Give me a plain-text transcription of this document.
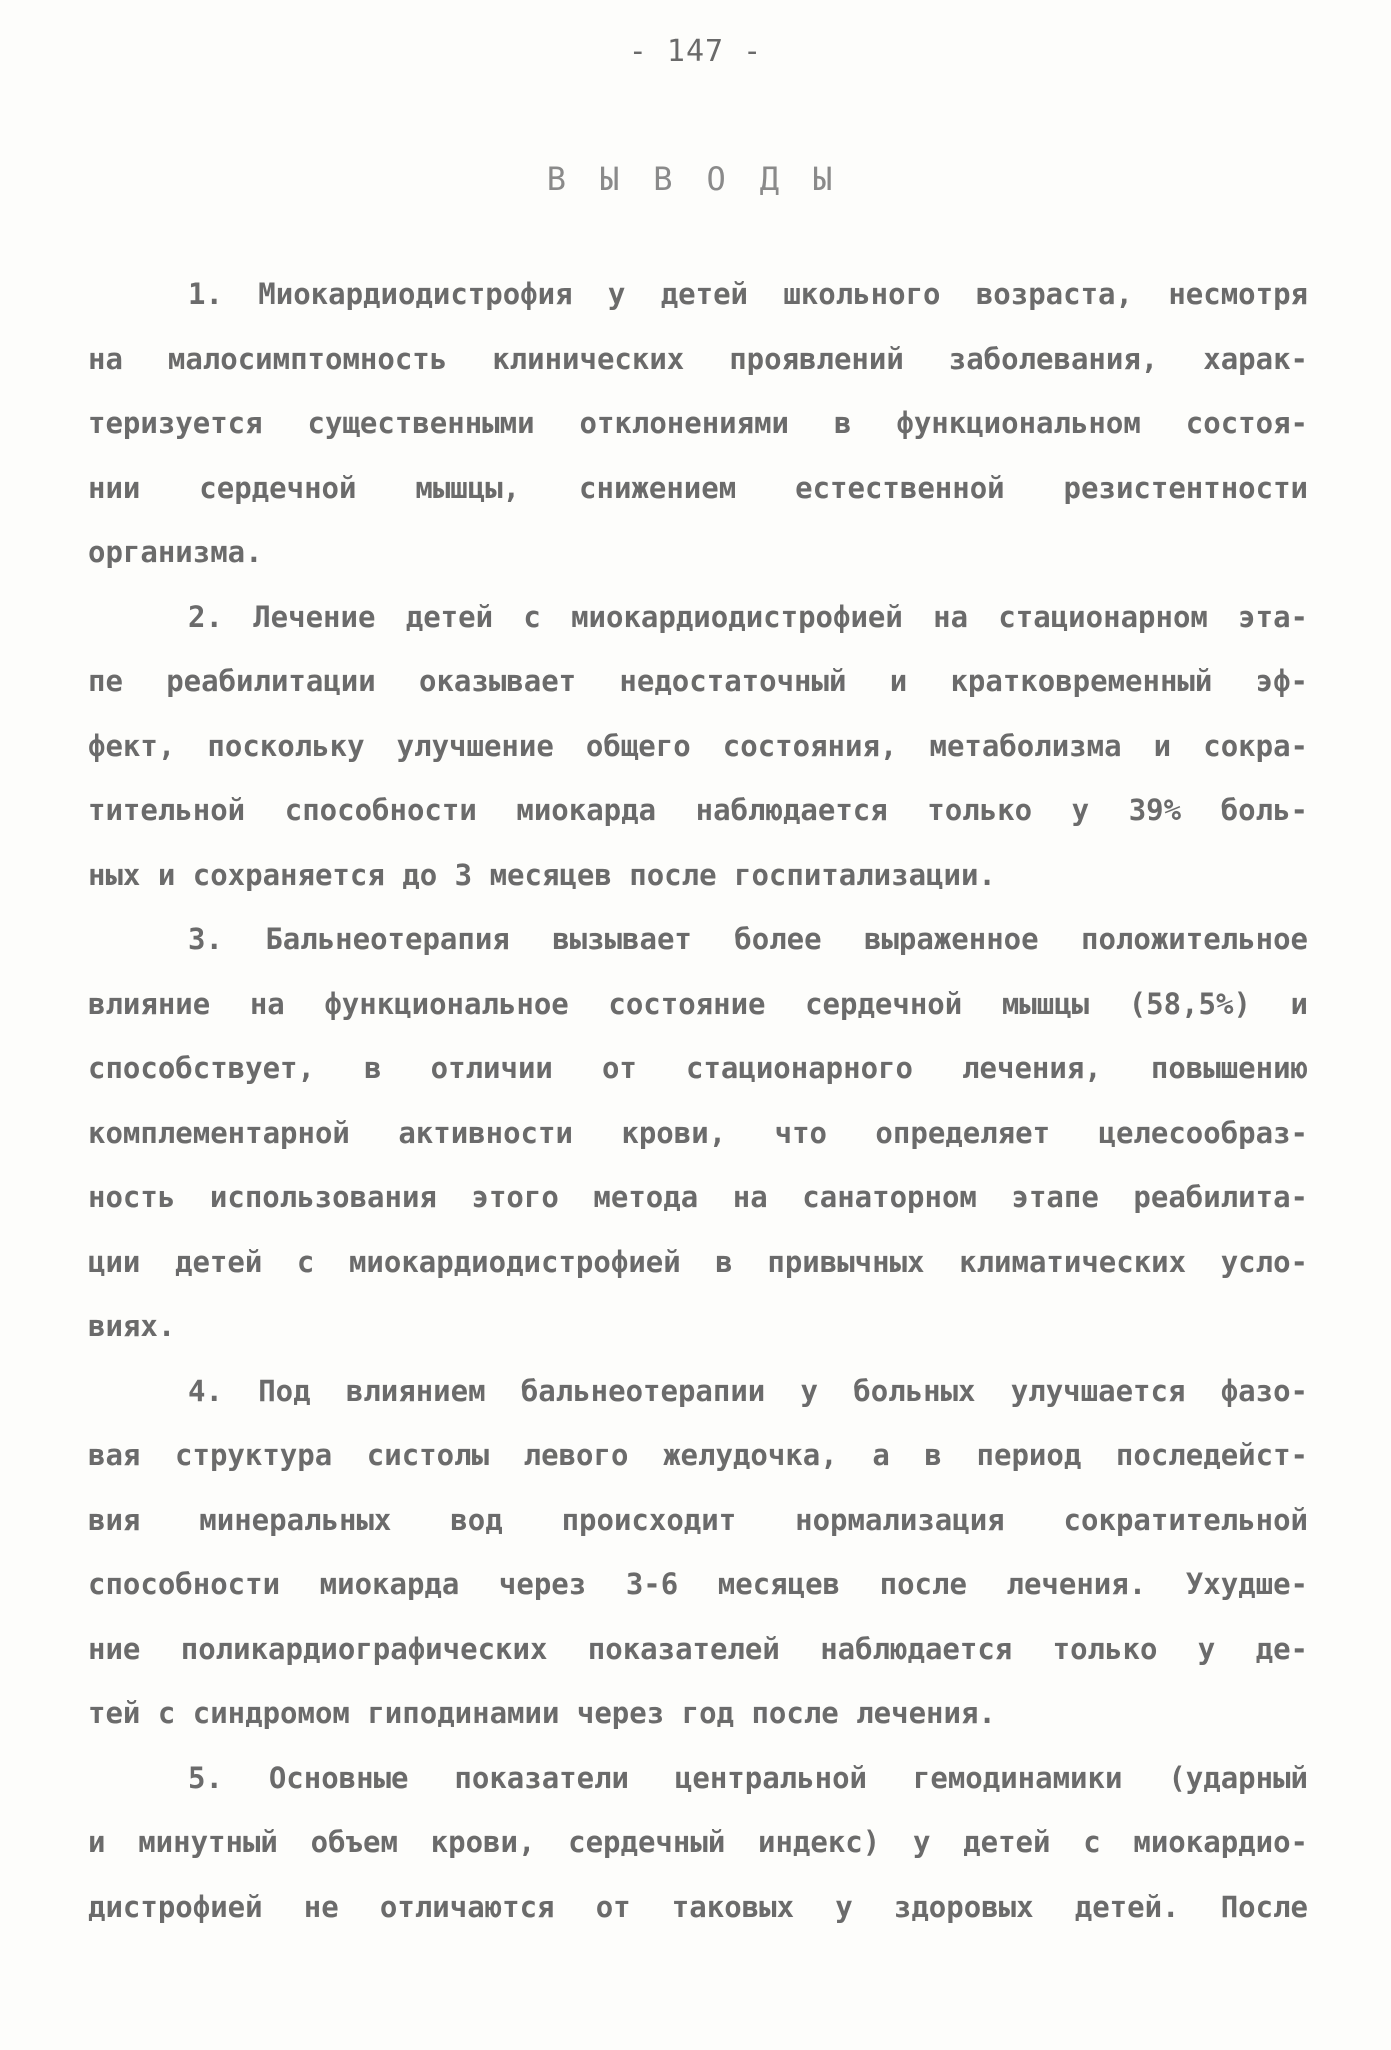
- 147 -
ВЫВОДЫ
1. Миокардиодистрофия у детей школьного возраста, несмотря
на малосимптомность клинических проявлений заболевания, харак-
теризуется существенными отклонениями в функциональном состоя-
нии сердечной мышцы, снижением естественной резистентности
организма.
2. Лечение детей с миокардиодистрофией на стационарном эта-
пе реабилитации оказывает недостаточный и кратковременный эф-
фект, поскольку улучшение общего состояния, метаболизма и сокра-
тительной способности миокарда наблюдается только у 39% боль-
ных и сохраняется до 3 месяцев после госпитализации.
3. Бальнеотерапия вызывает более выраженное положительное
влияние на функциональное состояние сердечной мышцы (58,5%) и
способствует, в отличии от стационарного лечения, повышению
комплементарной активности крови, что определяет целесообраз-
ность использования этого метода на санаторном этапе реабилита-
ции детей с миокардиодистрофией в привычных климатических усло-
виях.
4. Под влиянием бальнеотерапии у больных улучшается фазо-
вая структура систолы левого желудочка, а в период последейст-
вия минеральных вод происходит нормализация сократительной
способности миокарда через 3-6 месяцев после лечения. Ухудше-
ние поликардиографических показателей наблюдается только у де-
тей с синдромом гиподинамии через год после лечения.
5. Основные показатели центральной гемодинамики (ударный
и минутный объем крови, сердечный индекс) у детей с миокардио-
дистрофией не отличаются от таковых у здоровых детей. После
